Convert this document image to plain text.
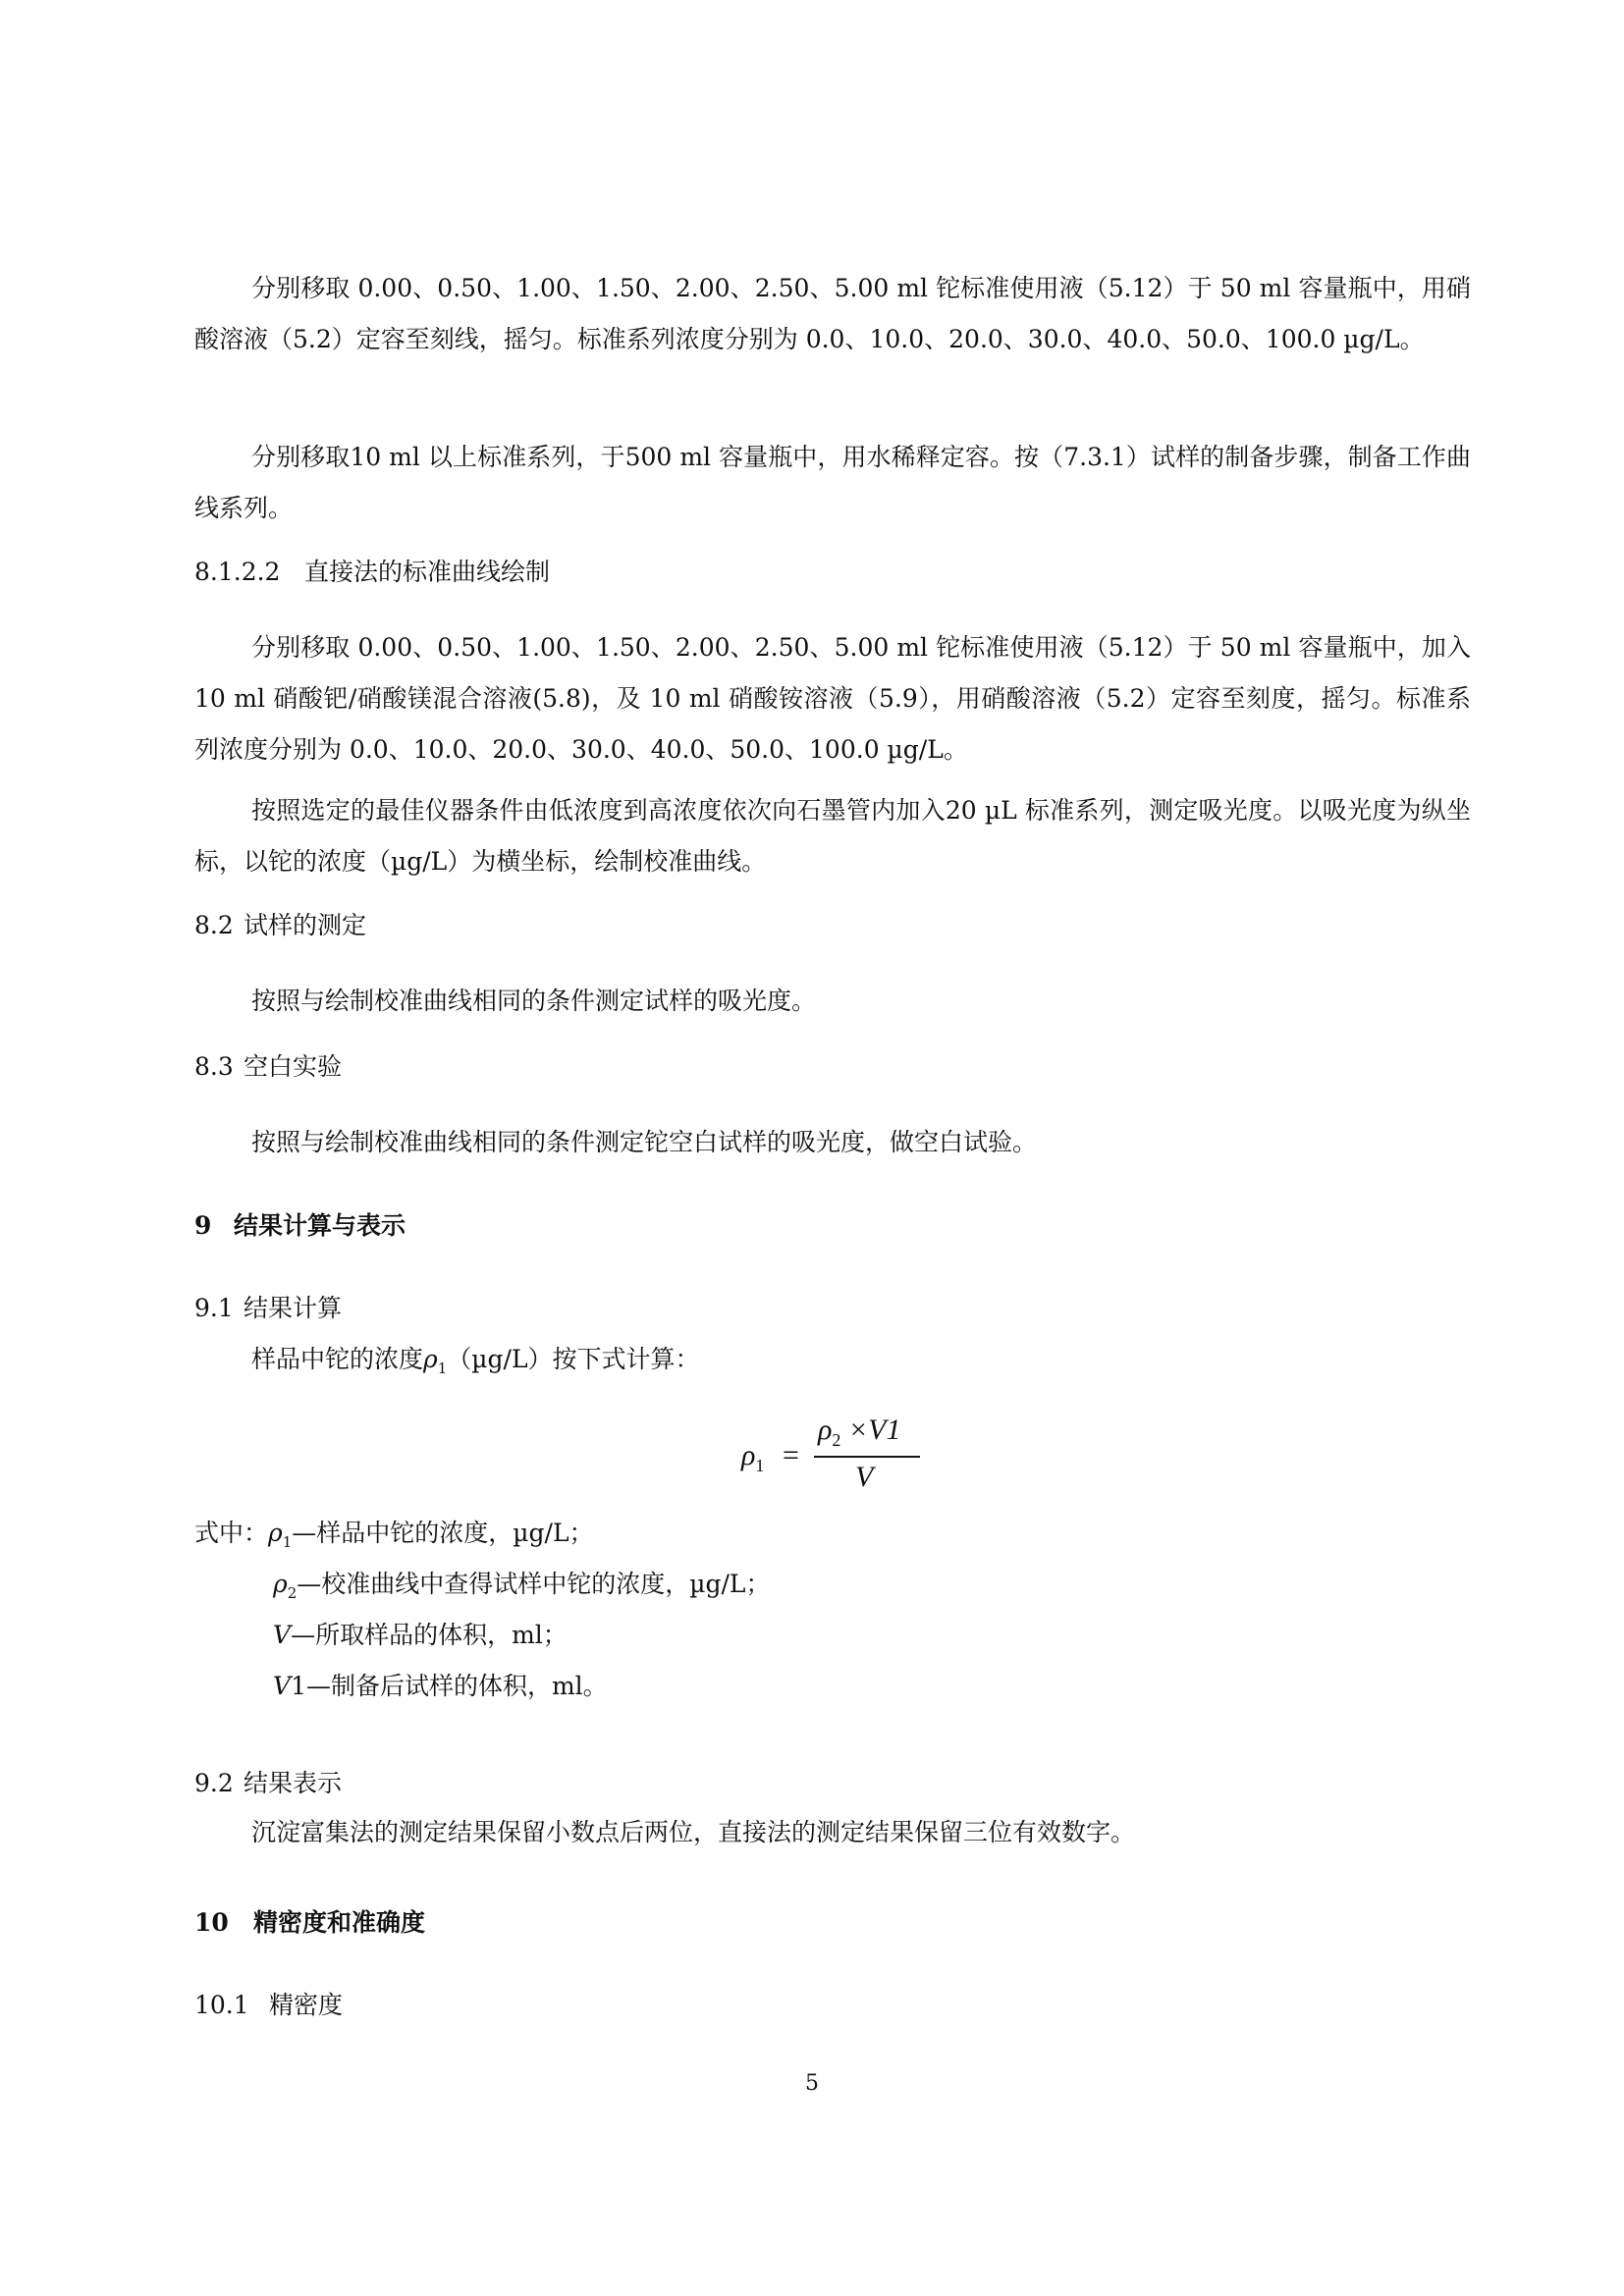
分别移取 0.00、0.50、1.00、1.50、2.00、2.50、5.00 ml 铊标准使用液（5.12）于 50 ml 容量瓶中，用硝酸溶液（5.2）定容至刻线，摇匀。标准系列浓度分别为 0.0、10.0、20.0、30.0、40.0、50.0、100.0 µg/L。

分别移取10 ml 以上标准系列，于500 ml 容量瓶中，用水稀释定容。按（7.3.1）试样的制备步骤，制备工作曲线系列。

8.1.2.2 直接法的标准曲线绘制

分别移取 0.00、0.50、1.00、1.50、2.00、2.50、5.00 ml 铊标准使用液（5.12）于 50 ml 容量瓶中，加入 10 ml 硝酸钯/硝酸镁混合溶液(5.8)，及 10 ml 硝酸铵溶液（5.9），用硝酸溶液（5.2）定容至刻度，摇匀。标准系列浓度分别为 0.0、10.0、20.0、30.0、40.0、50.0、100.0 µg/L。

按照选定的最佳仪器条件由低浓度到高浓度依次向石墨管内加入20 µL 标准系列，测定吸光度。以吸光度为纵坐标，以铊的浓度（µg/L）为横坐标，绘制校准曲线。

8.2 试样的测定

按照与绘制校准曲线相同的条件测定试样的吸光度。

8.3 空白实验

按照与绘制校准曲线相同的条件测定铊空白试样的吸光度，做空白试验。

9 结果计算与表示
9.1 结果计算

样品中铊的浓度$\rho_1(\mu g/L)$按下式计算：

$\rho_1$ =
$\rho_2 \times V1$
V

式中：$\rho_1—$样品中铊的浓度，µg/L；

$\rho_2—$校准曲线中查得试样中铊的浓度，µg/L；

V—所取样品的体积，ml；

V1—制备后试样的体积，ml。

9.2 结果表示

沉淀富集法的测定结果保留小数点后两位，直接法的测定结果保留三位有效数字。

10 精密度和准确度
10.1 精密度
5
